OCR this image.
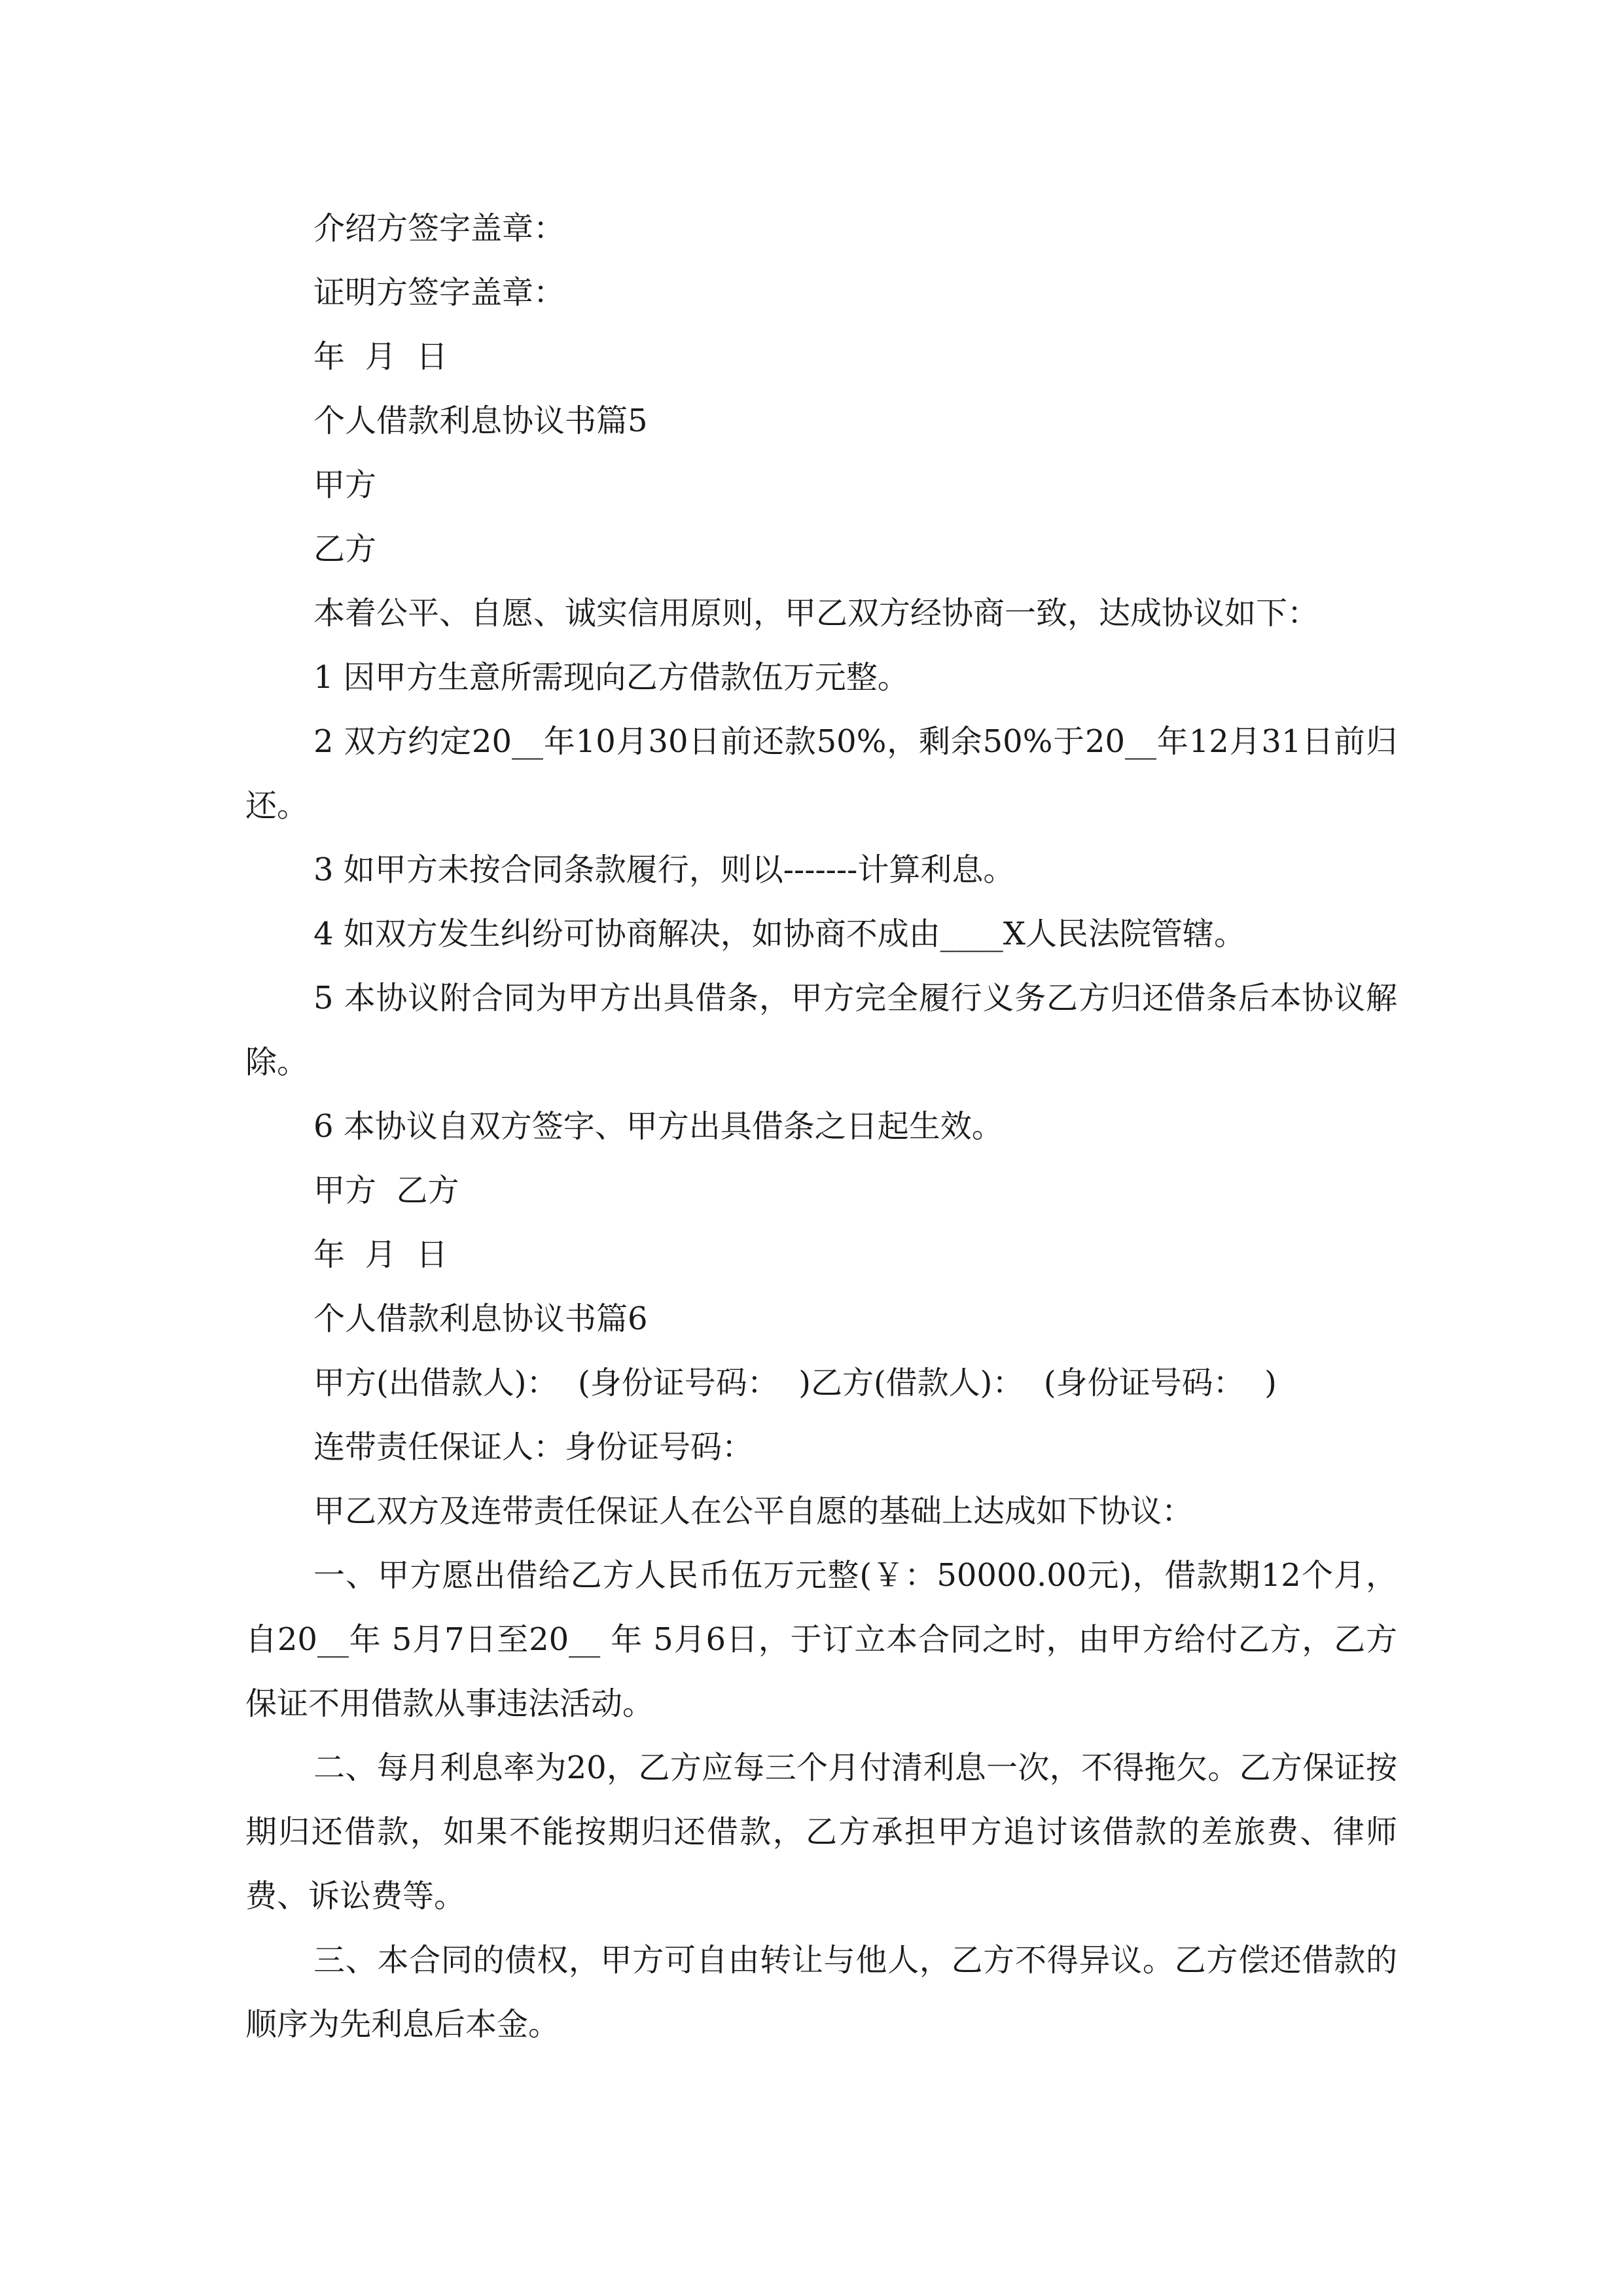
介绍方签字盖章：

证明方签字盖章：

年  月  日

个人借款利息协议书篇5

甲方

乙方

本着公平、自愿、诚实信用原则，甲乙双方经协商一致，达成协议如下：

1 因甲方生意所需现向乙方借款伍万元整。

2 双方约定20__年10月30日前还款50%，剩余50%于20__年12月31日前归还。

3 如甲方未按合同条款履行，则以-------计算利息。

4 如双方发生纠纷可协商解决，如协商不成由____X人民法院管辖。

5 本协议附合同为甲方出具借条，甲方完全履行义务乙方归还借条后本协议解除。

6 本协议自双方签字、甲方出具借条之日起生效。

甲方  乙方

年  月  日

个人借款利息协议书篇6

甲方(出借款人)：  (身份证号码：  )乙方(借款人)：  (身份证号码：  )

连带责任保证人：身份证号码：

甲乙双方及连带责任保证人在公平自愿的基础上达成如下协议：

一、甲方愿出借给乙方人民币伍万元整(￥：50000.00元)，借款期12个月，自20__年 5月7日至20__ 年 5月6日，于订立本合同之时，由甲方给付乙方，乙方保证不用借款从事违法活动。

二、每月利息率为20，乙方应每三个月付清利息一次，不得拖欠。乙方保证按期归还借款，如果不能按期归还借款，乙方承担甲方追讨该借款的差旅费、律师费、诉讼费等。

三、本合同的债权，甲方可自由转让与他人，乙方不得异议。乙方偿还借款的顺序为先利息后本金。
